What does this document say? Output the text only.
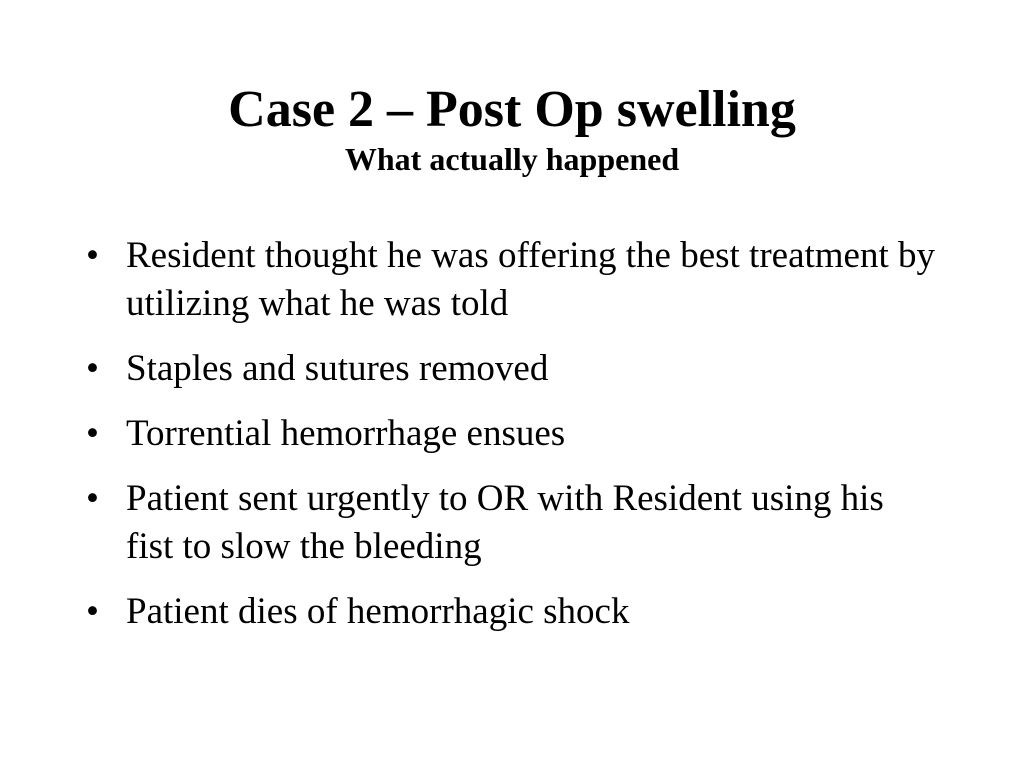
Case 2 – Post Op swelling
What actually happened
• Resident thought he was offering the best treatment by utilizing what he was told
• Staples and sutures removed
• Torrential hemorrhage ensues
• Patient sent urgently to OR with Resident using his fist to slow the bleeding
• Patient dies of hemorrhagic shock
